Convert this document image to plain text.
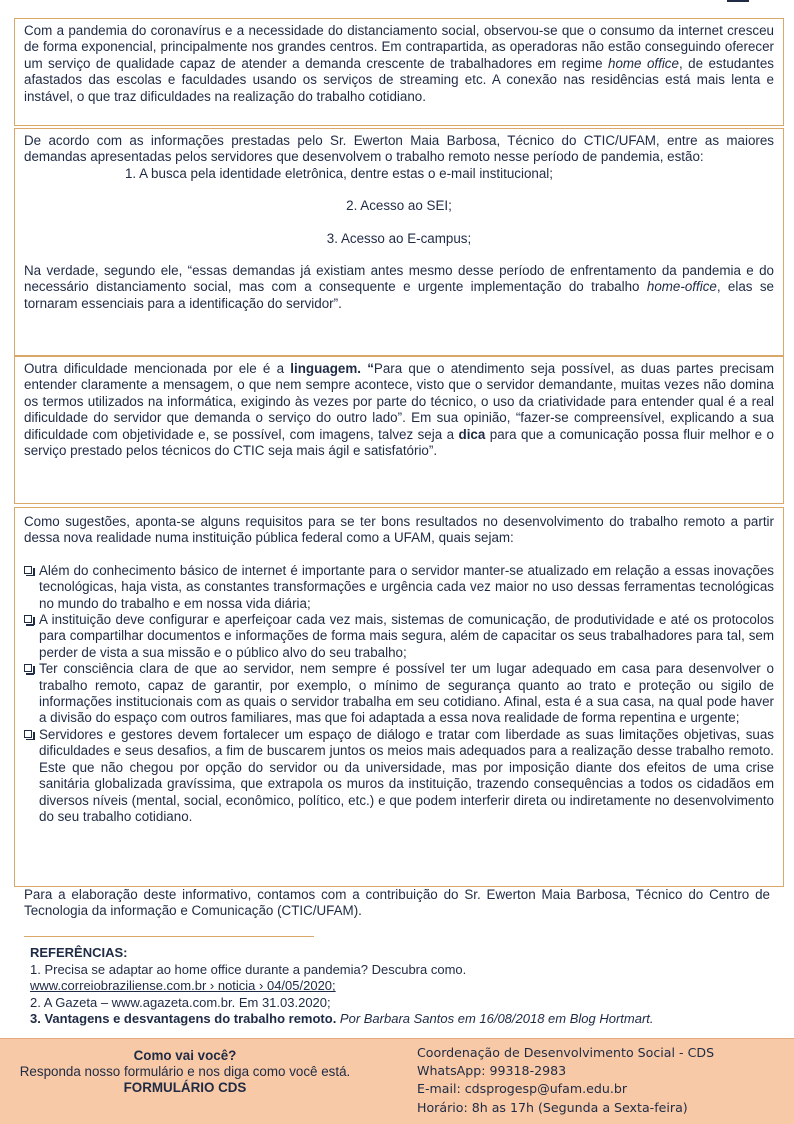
Com a pandemia do coronavírus e a necessidade do distanciamento social, observou-se que o consumo da internet cresceu de forma exponencial, principalmente nos grandes centros. Em contrapartida, as operadoras não estão conseguindo oferecer um serviço de qualidade capaz de atender a demanda crescente de trabalhadores em regime home office, de estudantes afastados das escolas e faculdades usando os serviços de streaming etc. A conexão nas residências está mais lenta e instável, o que traz dificuldades na realização do trabalho cotidiano.

De acordo com as informações prestadas pelo Sr. Ewerton Maia Barbosa, Técnico do CTIC/UFAM, entre as maiores demandas apresentadas pelos servidores que desenvolvem o trabalho remoto nesse período de pandemia, estão:

1. A busca pela identidade eletrônica, dentre estas o e-mail institucional;
2. Acesso ao SEI;
3. Acesso ao E-campus;

Na verdade, segundo ele, “essas demandas já existiam antes mesmo desse período de enfrentamento da pandemia e do necessário distanciamento social, mas com a consequente e urgente implementação do trabalho home-office, elas se tornaram essenciais para a identificação do servidor”.

Outra dificuldade mencionada por ele é a linguagem. “Para que o atendimento seja possível, as duas partes precisam entender claramente a mensagem, o que nem sempre acontece, visto que o servidor demandante, muitas vezes não domina os termos utilizados na informática, exigindo às vezes por parte do técnico, o uso da criatividade para entender qual é a real dificuldade do servidor que demanda o serviço do outro lado”. Em sua opinião, “fazer-se compreensível, explicando a sua dificuldade com objetividade e, se possível, com imagens, talvez seja a dica para que a comunicação possa fluir melhor e o serviço prestado pelos técnicos do CTIC seja mais ágil e satisfatório”.

Como sugestões, aponta-se alguns requisitos para se ter bons resultados no desenvolvimento do trabalho remoto a partir dessa nova realidade numa instituição pública federal como a UFAM, quais sejam:

Além do conhecimento básico de internet é importante para o servidor manter-se atualizado em relação a essas inovações tecnológicas, haja vista, as constantes transformações e urgência cada vez maior no uso dessas ferramentas tecnológicas no mundo do trabalho e em nossa vida diária;
A instituição deve configurar e aperfeiçoar cada vez mais, sistemas de comunicação, de produtividade e até os protocolos para compartilhar documentos e informações de forma mais segura, além de capacitar os seus trabalhadores para tal, sem perder de vista a sua missão e o público alvo do seu trabalho;
Ter consciência clara de que ao servidor, nem sempre é possível ter um lugar adequado em casa para desenvolver o trabalho remoto, capaz de garantir, por exemplo, o mínimo de segurança quanto ao trato e proteção ou sigilo de informações institucionais com as quais o servidor trabalha em seu cotidiano. Afinal, esta é a sua casa, na qual pode haver a divisão do espaço com outros familiares, mas que foi adaptada a essa nova realidade de forma repentina e urgente;
Servidores e gestores devem fortalecer um espaço de diálogo e tratar com liberdade as suas limitações objetivas, suas dificuldades e seus desafios, a fim de buscarem juntos os meios mais adequados para a realização desse trabalho remoto. Este que não chegou por opção do servidor ou da universidade, mas por imposição diante dos efeitos de uma crise sanitária globalizada gravíssima, que extrapola os muros da instituição, trazendo consequências a todos os cidadãos em diversos níveis (mental, social, econômico, político, etc.) e que podem interferir direta ou indiretamente no desenvolvimento do seu trabalho cotidiano.

Para a elaboração deste informativo, contamos com a contribuição do Sr. Ewerton Maia Barbosa, Técnico do Centro de Tecnologia da informação e Comunicação (CTIC/UFAM).

REFERÊNCIAS:
1. Precisa se adaptar ao home office durante a pandemia? Descubra como.
www.correiobraziliense.com.br › noticia › 04/05/2020;
2. A Gazeta – www.agazeta.com.br. Em 31.03.2020;
3. Vantagens e desvantagens do trabalho remoto. Por Barbara Santos em 16/08/2018 em Blog Hortmart.
Como vai você?
Responda nosso formulário e nos diga como você está.
FORMULÁRIO CDS
Coordenação de Desenvolvimento Social - CDS
WhatsApp: 99318-2983
E-mail: cdsprogesp@ufam.edu.br
Horário: 8h as 17h (Segunda a Sexta-feira)
